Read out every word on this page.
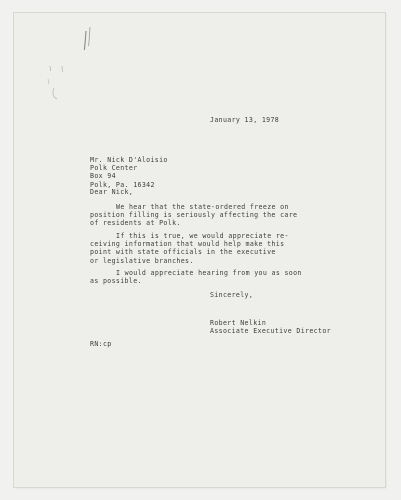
January 13, 1978
Mr. Nick D'Aloisio
Polk Center
Box 94
Polk, Pa. 16342
Dear Nick,
We hear that the state-ordered freeze on
position filling is seriously affecting the care
of residents at Polk.
If this is true, we would appreciate re-
ceiving information that would help make this
point with state officials in the executive
or legislative branches.
I would appreciate hearing from you as soon
as possible.
Sincerely,
Robert Nelkin
Associate Executive Director
RN:cp
